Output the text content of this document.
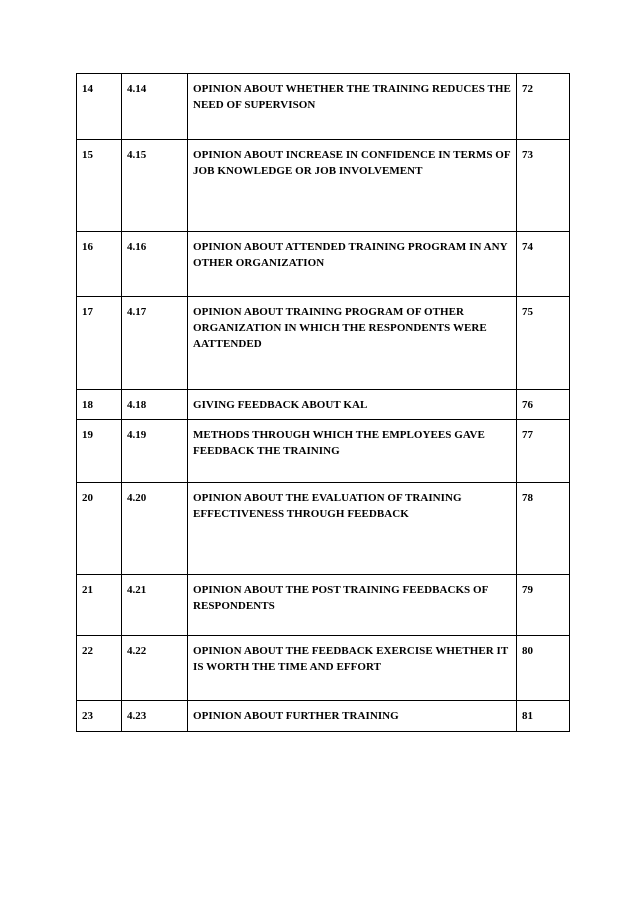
14	4.14	OPINION ABOUT WHETHER THE TRAINING REDUCES THE NEED OF SUPERVISON	72
15	4.15	OPINION ABOUT INCREASE IN CONFIDENCE IN TERMS OF JOB KNOWLEDGE OR JOB INVOLVEMENT	73
16	4.16	OPINION ABOUT ATTENDED TRAINING PROGRAM IN ANY OTHER ORGANIZATION	74
17	4.17	OPINION ABOUT TRAINING PROGRAM OF OTHER ORGANIZATION IN WHICH THE RESPONDENTS WERE AATTENDED	75
18	4.18	GIVING FEEDBACK ABOUT KAL	76
19	4.19	METHODS THROUGH WHICH THE EMPLOYEES GAVE FEEDBACK THE TRAINING	77
20	4.20	OPINION ABOUT THE EVALUATION OF TRAINING EFFECTIVENESS THROUGH FEEDBACK	78
21	4.21	OPINION ABOUT THE POST TRAINING FEEDBACKS OF RESPONDENTS	79
22	4.22	OPINION ABOUT THE FEEDBACK EXERCISE WHETHER IT IS WORTH THE TIME AND EFFORT	80
23	4.23	OPINION ABOUT FURTHER TRAINING	81
